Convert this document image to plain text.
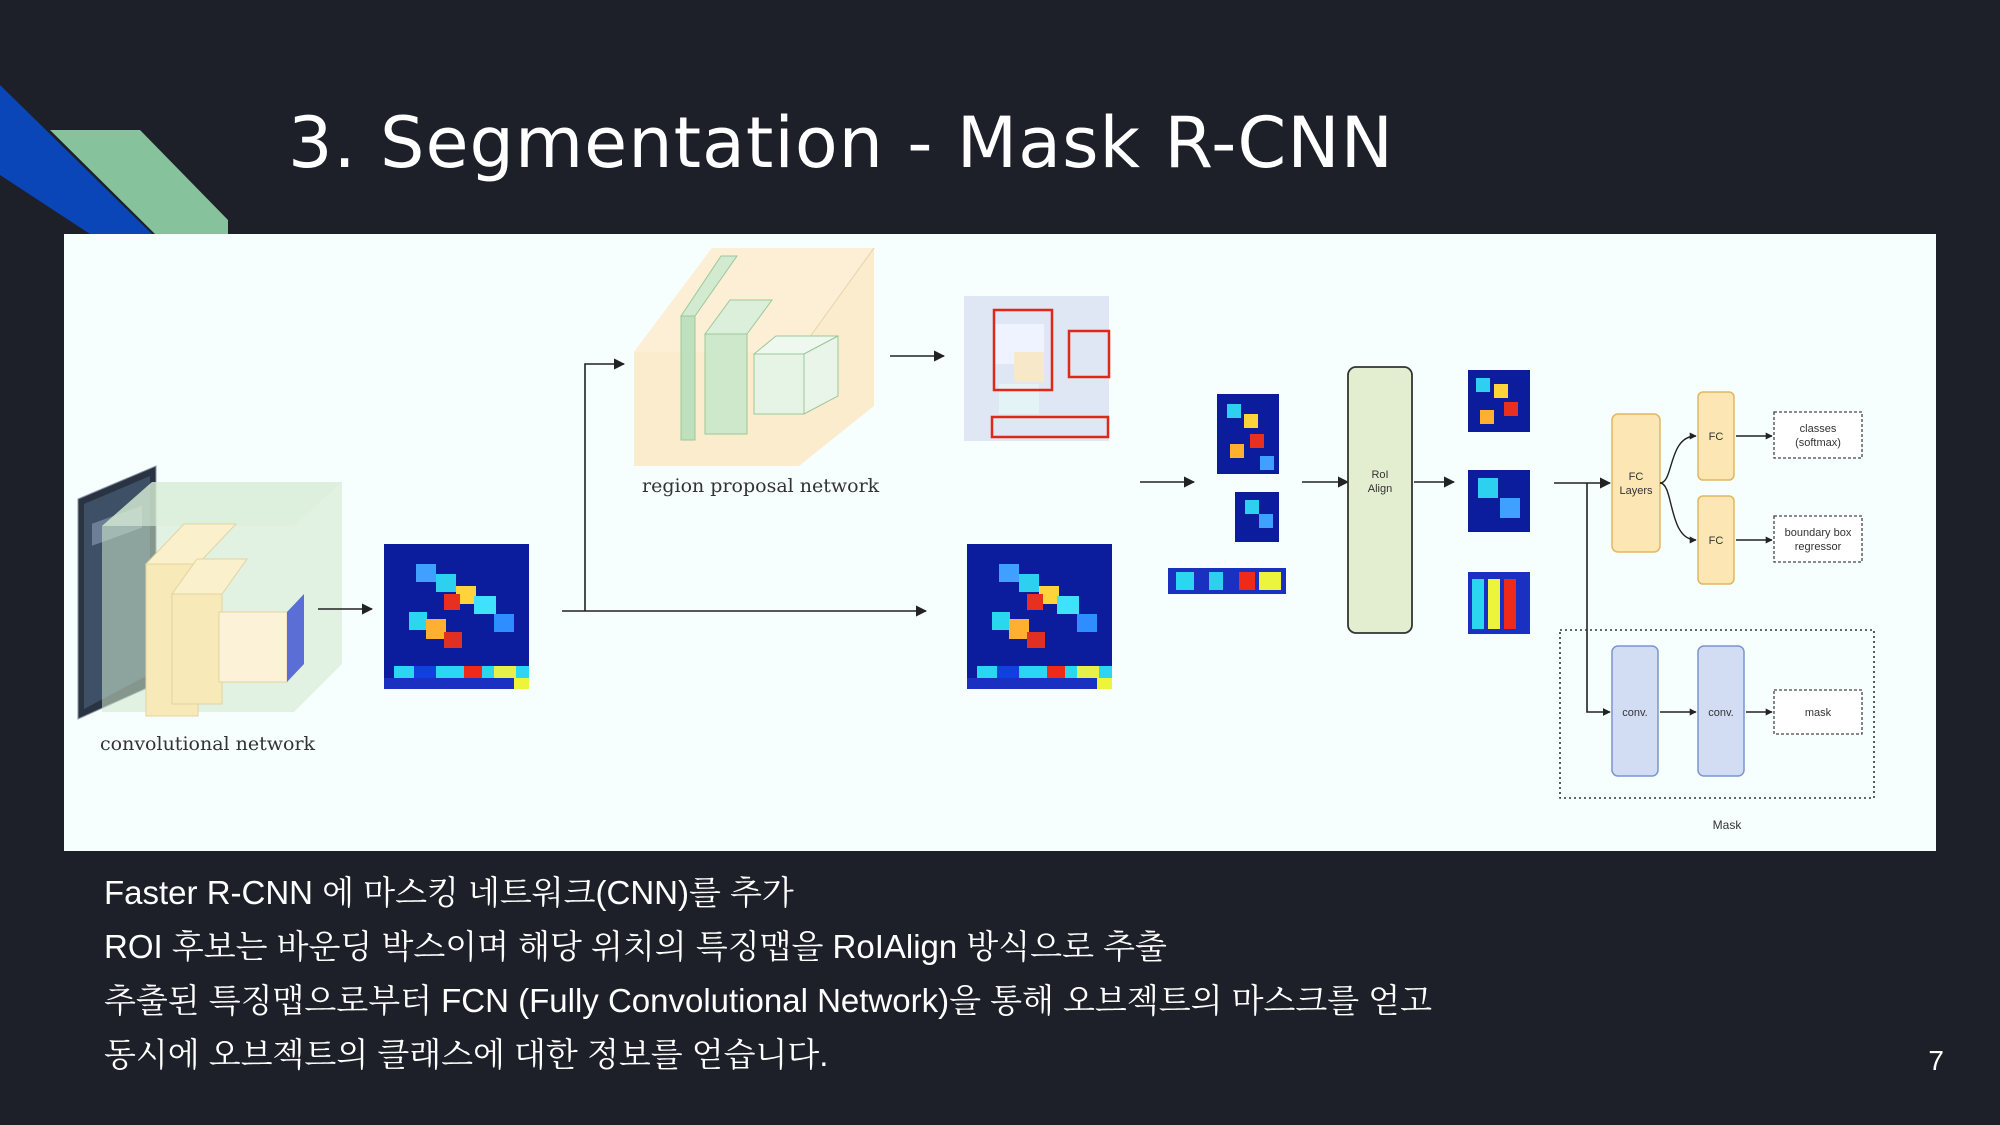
3. Segmentation - Mask R-CNN
convolutional network
region proposal network	RoI
Align
FC
Layers
FC
FC
classes
(softmax)
boundary box
regressor
conv.	conv.	mask
Mask
Faster R-CNN 에 마스킹 네트워크(CNN)를 추가
ROI 후보는 바운딩 박스이며 해당 위치의 특징맵을 RoIAlign 방식으로 추출
추출된 특징맵으로부터 FCN (Fully Convolutional Network)을 통해 오브젝트의 마스크를 얻고
동시에 오브젝트의 클래스에 대한 정보를 얻습니다.	7
